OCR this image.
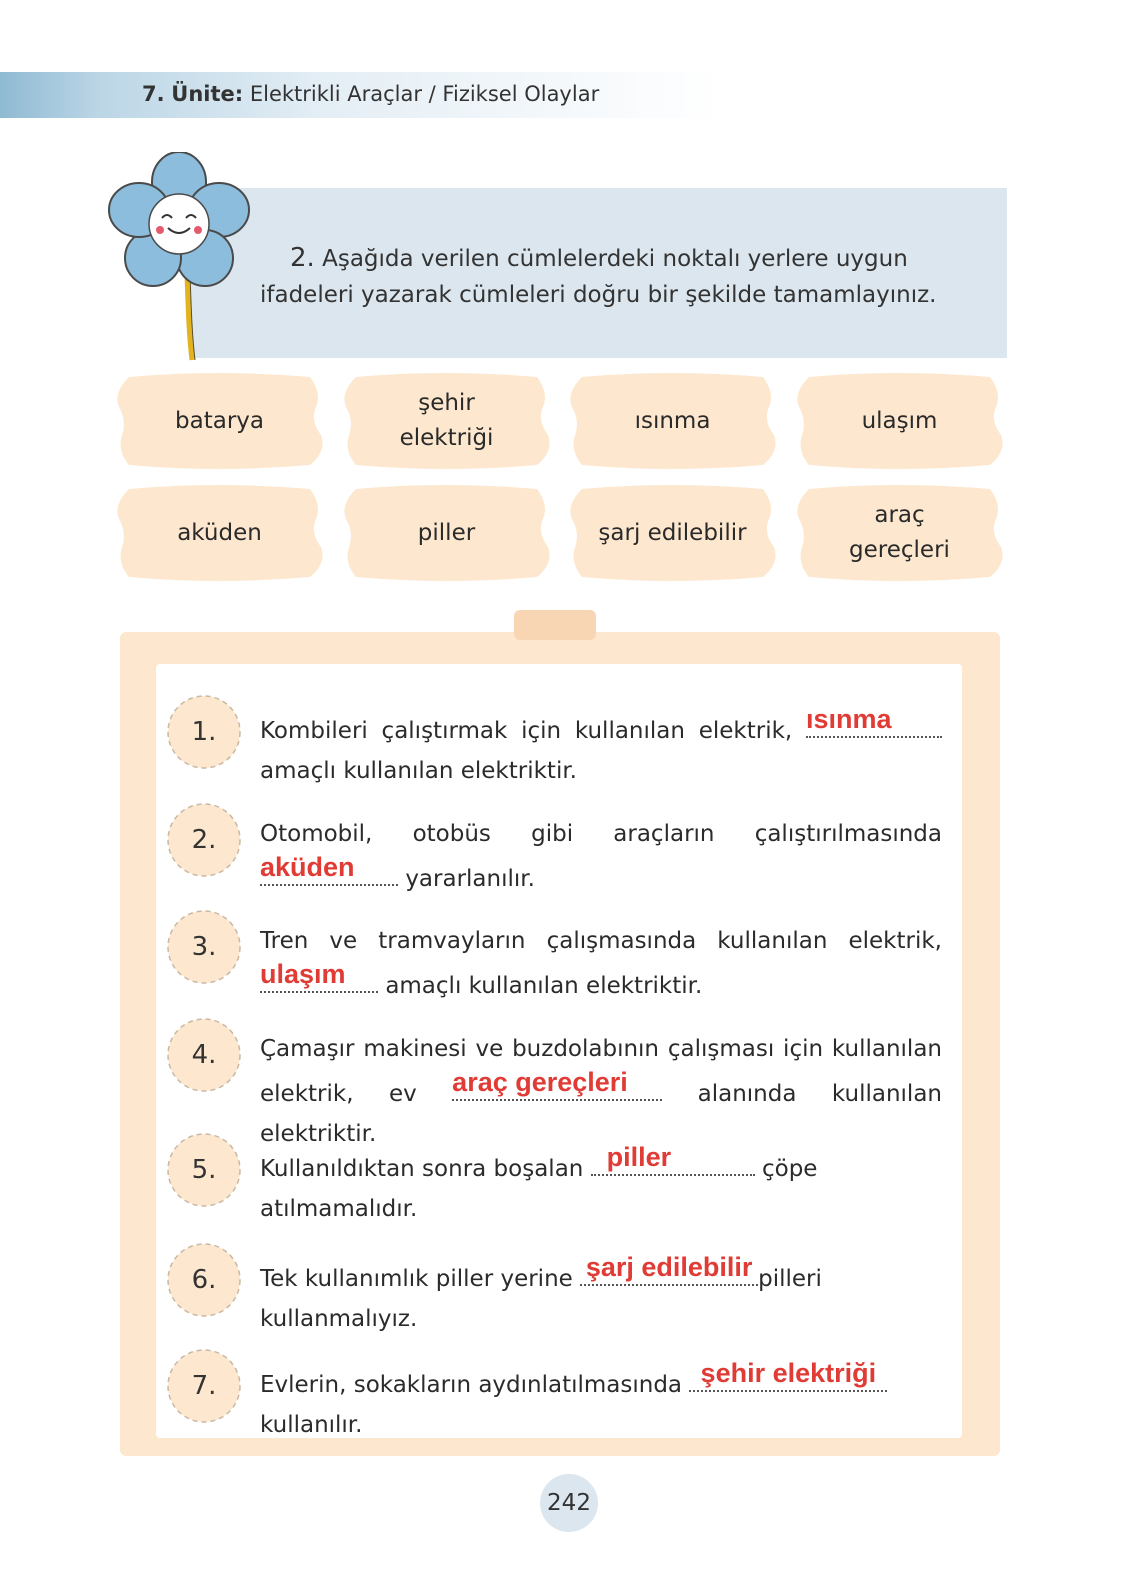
7. Ünite: Elektrikli Araçlar / Fiziksel Olaylar
2. Aşağıda verilen cümlelerdeki noktalı yerlere uygun ifadeleri yazarak cümleleri doğru bir şekilde tamamlayınız.
batarya
şehir elektriği
ısınma	ulaşım
aküden	piller	şarj edilebilir
araç gereçleri
1.	Kombileri çalıştırmak için kullanılan elektrik, ısınma
amaçlı kullanılan elektriktir.
2.	Otomobil, otobüs gibi araçların çalıştırılmasında
aküden	yararlanılır.
3.	Tren ve tramvayların çalışmasında kullanılan elektrik,
ulaşım	amaçlı kullanılan elektriktir.
4.	Çamaşır makinesi ve buzdolabının çalışması için kullanılan elektrik, ev araç gereçleri	alanında kullanılan elektriktir.
5.	Kullanıldıktan sonra boşalan piller	çöpe atılmamalıdır.
6.	Tek kullanımlık piller yerine şarj edilebilir pilleri kullanmalıyız.
7.	Evlerin, sokakların aydınlatılmasında şehir elektriği
kullanılır.
242
